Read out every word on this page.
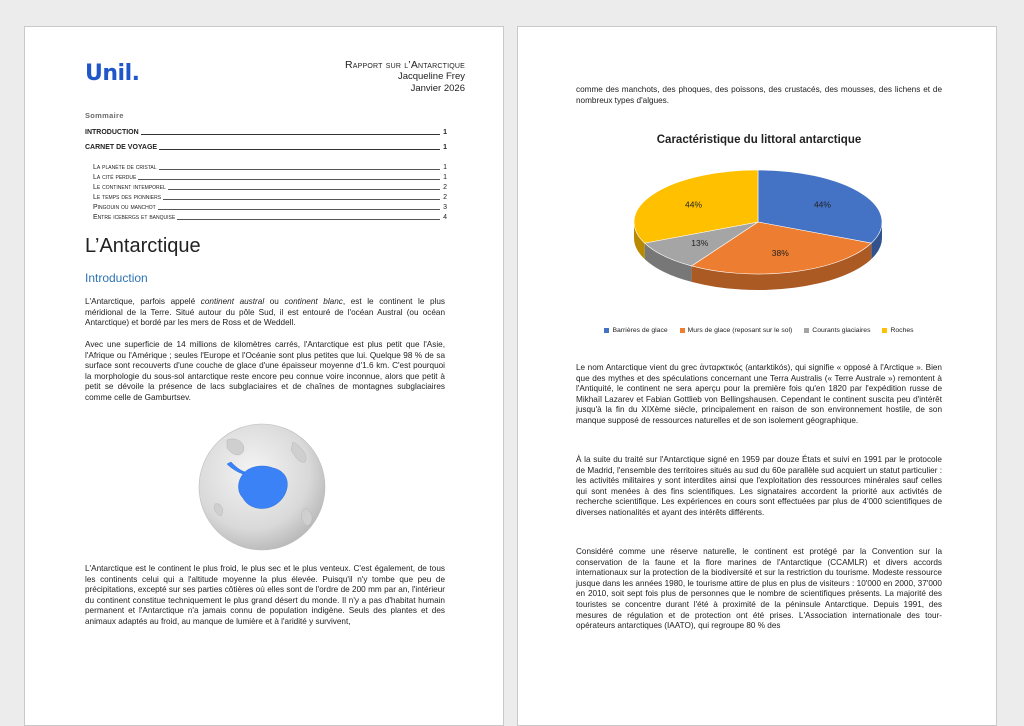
Unil.	Rapport sur l’Antarctique
Jacqueline Frey
Janvier 2026
Sommaire
INTRODUCTION	1
CARNET DE VOYAGE	1
La planète de cristal	1
La cité perdue	1
Le continent intemporel	2
Le temps des pionniers	2
Pingouin ou manchot	3
Entre icebergs et banquise	4
L’Antarctique
Introduction

L'Antarctique, parfois appelé continent austral ou continent blanc, est le continent le plus méridional de la Terre. Situé autour du pôle Sud, il est entouré de l'océan Austral (ou océan Antarctique) et bordé par les mers de Ross et de Weddell.

Avec une superficie de 14 millions de kilomètres carrés, l'Antarctique est plus petit que l'Asie, l'Afrique ou l'Amérique ; seules l'Europe et l'Océanie sont plus petites que lui. Quelque 98 % de sa surface sont recouverts d'une couche de glace d'une épaisseur moyenne d'1.6 km. C'est pourquoi la morphologie du sous-sol antarctique reste encore peu connue voire inconnue, alors que petit à petit se dévoile la présence de lacs subglaciaires et de chaînes de montagnes subglaciaires comme celle de Gamburtsev.

L'Antarctique est le continent le plus froid, le plus sec et le plus venteux. C'est également, de tous les continents celui qui a l'altitude moyenne la plus élevée. Puisqu'il n'y tombe que peu de précipitations, excepté sur ses parties côtières où elles sont de l'ordre de 200 mm par an, l'intérieur du continent constitue techniquement le plus grand désert du monde. Il n'y a pas d'habitat humain permanent et l'Antarctique n'a jamais connu de population indigène. Seuls des plantes et des animaux adaptés au froid, au manque de lumière et à l'aridité y survivent,

comme des manchots, des phoques, des poissons, des crustacés, des mousses, des lichens et de nombreux types d'algues.

Caractéristique du littoral antarctique
44%
38%
13%
44%
Barrières de glace	Murs de glace (reposant sur le sol)	Courants glaciaires	Roches

Le nom Antarctique vient du grec ἀνταρκτικός (antarktikós), qui signifie « opposé à l'Arctique ». Bien que des mythes et des spéculations concernant une Terra Australis (« Terre Australe ») remontent à l'Antiquité, le continent ne sera aperçu pour la première fois qu'en 1820 par l'expédition russe de Mikhaïl Lazarev et Fabian Gottlieb von Bellingshausen. Cependant le continent suscita peu d'intérêt jusqu'à la fin du XIXème siècle, principalement en raison de son environnement hostile, de son manque supposé de ressources naturelles et de son isolement géographique.

À la suite du traité sur l'Antarctique signé en 1959 par douze États et suivi en 1991 par le protocole de Madrid, l'ensemble des territoires situés au sud du 60e parallèle sud acquiert un statut particulier : les activités militaires y sont interdites ainsi que l'exploitation des ressources minérales sauf celles qui sont menées à des fins scientifiques. Les signataires accordent la priorité aux activités de recherche scientifique. Les expériences en cours sont effectuées par plus de 4'000 scientifiques de diverses nationalités et ayant des intérêts différents.

Considéré comme une réserve naturelle, le continent est protégé par la Convention sur la conservation de la faune et la flore marines de l'Antarctique (CCAMLR) et divers accords internationaux sur la protection de la biodiversité et sur la restriction du tourisme. Modeste ressource jusque dans les années 1980, le tourisme attire de plus en plus de visiteurs : 10'000 en 2000, 37'000 en 2010, soit sept fois plus de personnes que le nombre de scientifiques présents. La majorité des touristes se concentre durant l'été à proximité de la péninsule Antarctique. Depuis 1991, des mesures de régulation et de protection ont été prises. L'Association internationale des tour-opérateurs antarctiques (IAATO), qui regroupe 80 % des
